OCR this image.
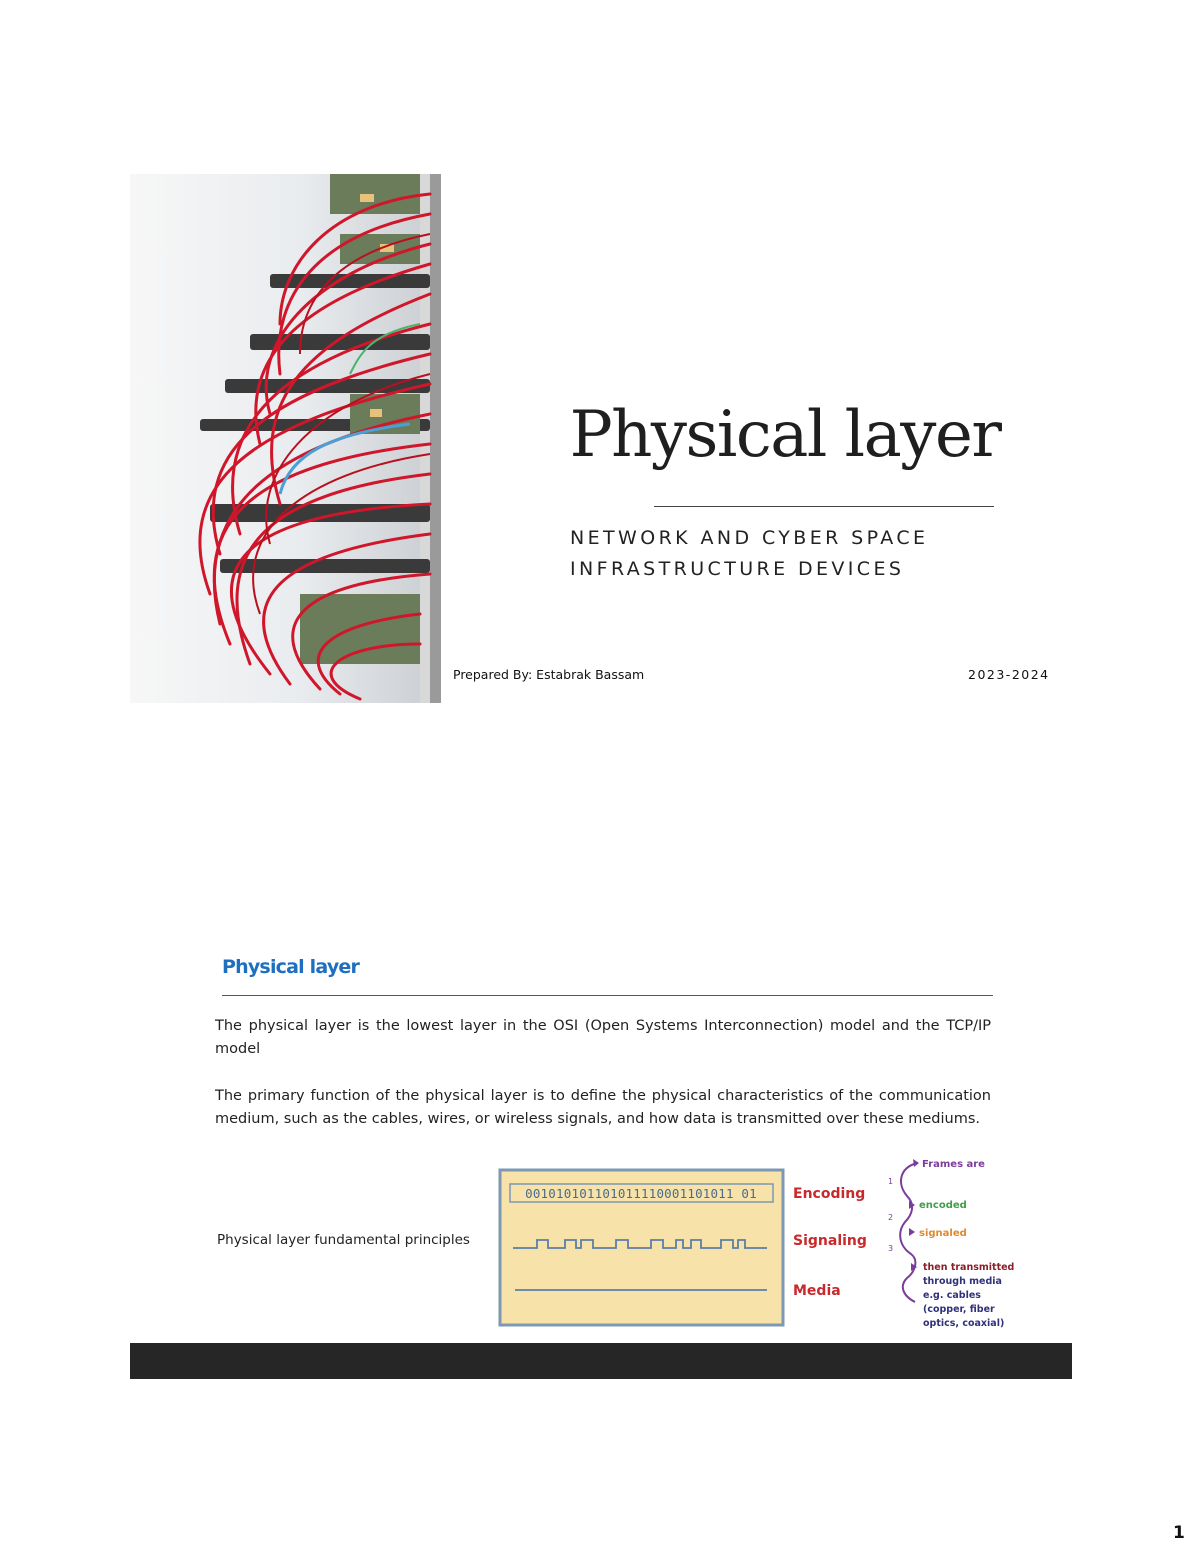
Physical layer

NETWORK AND CYBER SPACE
INFRASTRUCTURE DEVICES

Prepared By: Estabrak Bassam	2023-2024
Physical layer

The physical layer is the lowest layer in the OSI (Open Systems Interconnection) model and the TCP/IP model

The primary function of the physical layer is to define the physical characteristics of the communication medium, such as the cables, wires, or wireless signals, and how data is transmitted over these mediums.

Physical layer fundamental principles
001010101101011110001101011 01	Encoding
Signaling
Media
Frames are
1
encoded
2
signaled
3
then transmitted
through media
e.g. cables
(copper, fiber
optics, coaxial)
1
